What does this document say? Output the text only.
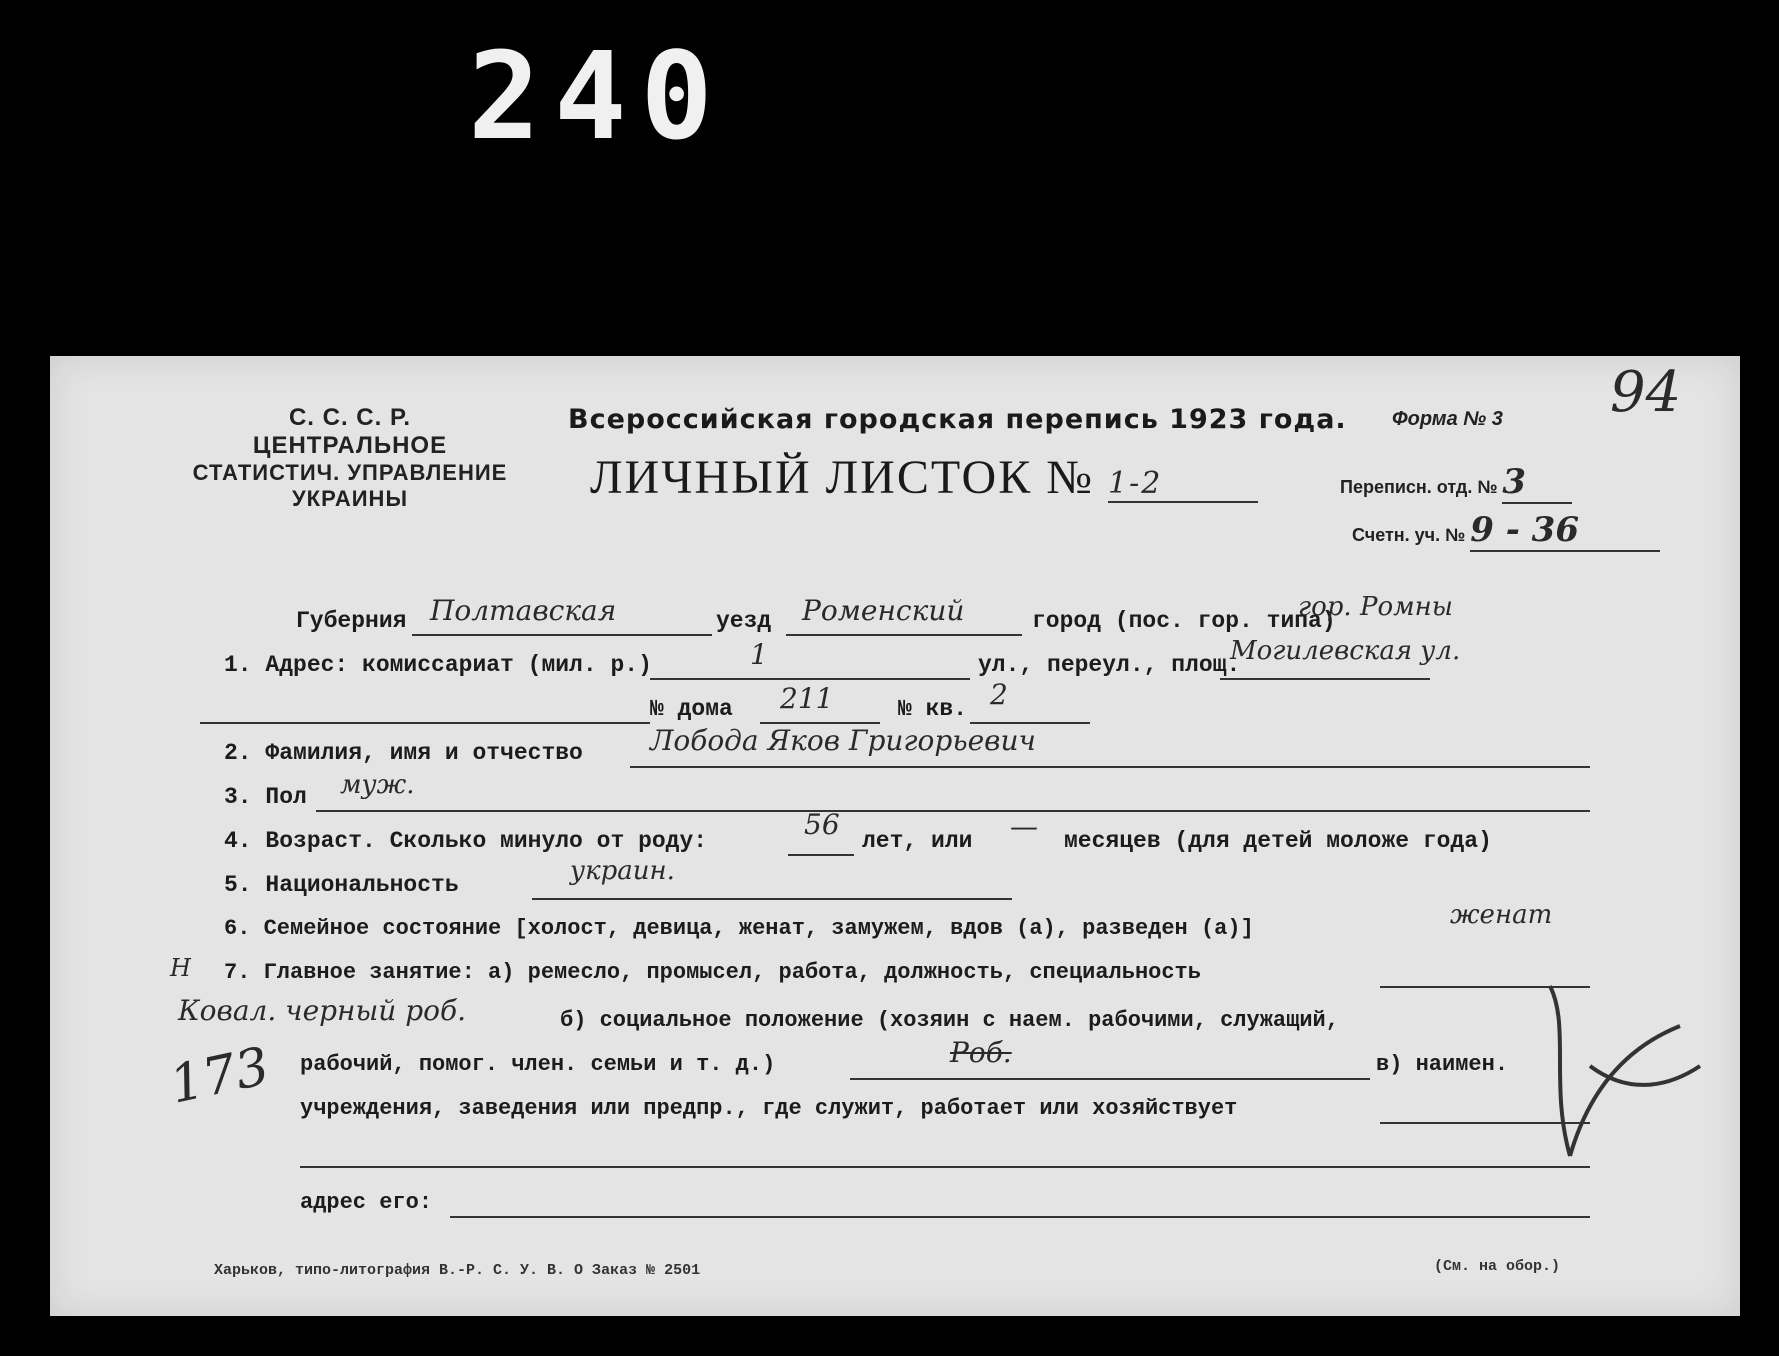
240
С. С. С. Р.
ЦЕНТРАЛЬНОЕ
СТАТИСТИЧ. УПРАВЛЕНИЕ
УКРАИНЫ
94
Всероссийская городская перепись 1923 года. Форма № 3
ЛИЧНЫЙ ЛИСТОК № 1-2	Переписн. отд. № 3
Счетн. уч. № 9 - 36
Губерния Полтавская	уезд Роменский	город (пос. гор. типа)
гор. Ромны
1. Адрес: комиссариат (мил. р.)	1	ул., переул., площ.
Могилевская ул.
№ дома 211	№ кв. 2
2. Фамилия, имя и отчество Лобода Яков Григорьевич
3. Пол муж.
4. Возраст. Сколько минуло от роду:	56 лет, или — месяцев (для детей моложе года)
5. Национальность	украин.
6. Семейное состояние [холост, девица, женат, замужем, вдов (а), разведен (а)]	женат
Н 7. Главное занятие: а) ремесло, промысел, работа, должность, специальность
Ковал. черный роб.	б) социальное положение (хозяин с наем. рабочими, служащий,
рабочий, помог. член. семьи и т. д.)	Роб.	в) наимен.
173 учреждения, заведения или предпр., где служит, работает или хозяйствует
адрес его:
Харьков, типо-литография В.-Р. С. У. В. О Заказ № 2501	(См. на обор.)
